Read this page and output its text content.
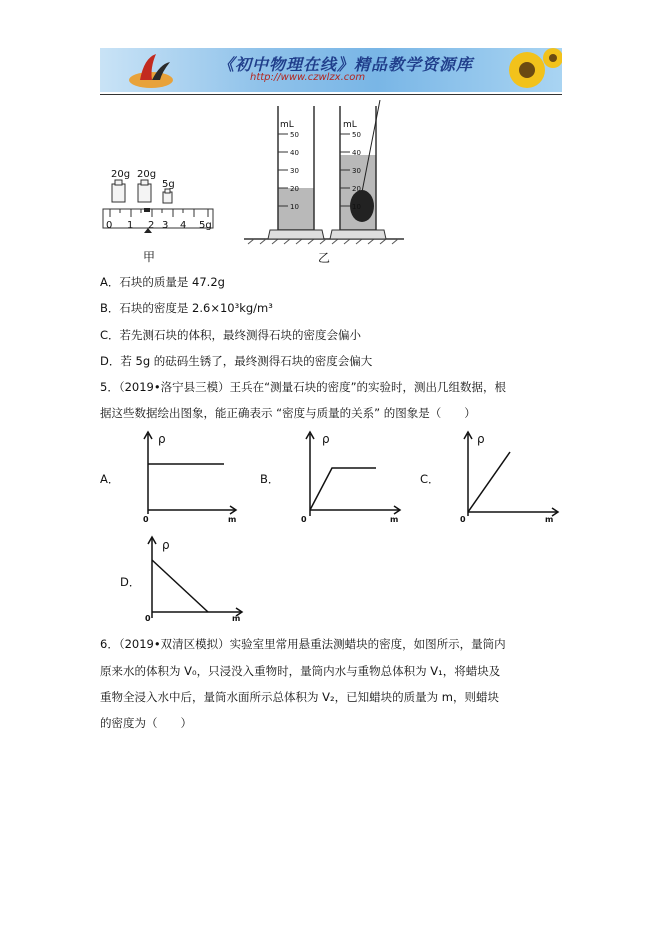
《初中物理在线》精品教学资源库
http://www.czwlzx.com
20g 20g
5g
0 1 2 3 4 5g
mL	mL
50
40
30
20
10
50
40
30
20
10
甲	乙
A．石块的质量是 47.2g
B．石块的密度是 2.6×10³kg/m³
C．若先测石块的体积，最终测得石块的密度会偏小
D．若 5g 的砝码生锈了，最终测得石块的密度会偏大
5．（2019•洛宁县三模）王兵在“测量石块的密度”的实验时，测出几组数据，根
据这些数据绘出图象，能正确表示 “密度与质量的关系” 的图象是（　　）
A．
ρ
0	m
B．
ρ
0	m
C．
ρ
0	m
D．
ρ
0	m
6．（2019•双清区模拟）实验室里常用悬重法测蜡块的密度，如图所示，量筒内
原来水的体积为 V₀，只浸没入重物时，量筒内水与重物总体积为 V₁，将蜡块及
重物全浸入水中后，量筒水面所示总体积为 V₂，已知蜡块的质量为 m，则蜡块
的密度为（　　）
